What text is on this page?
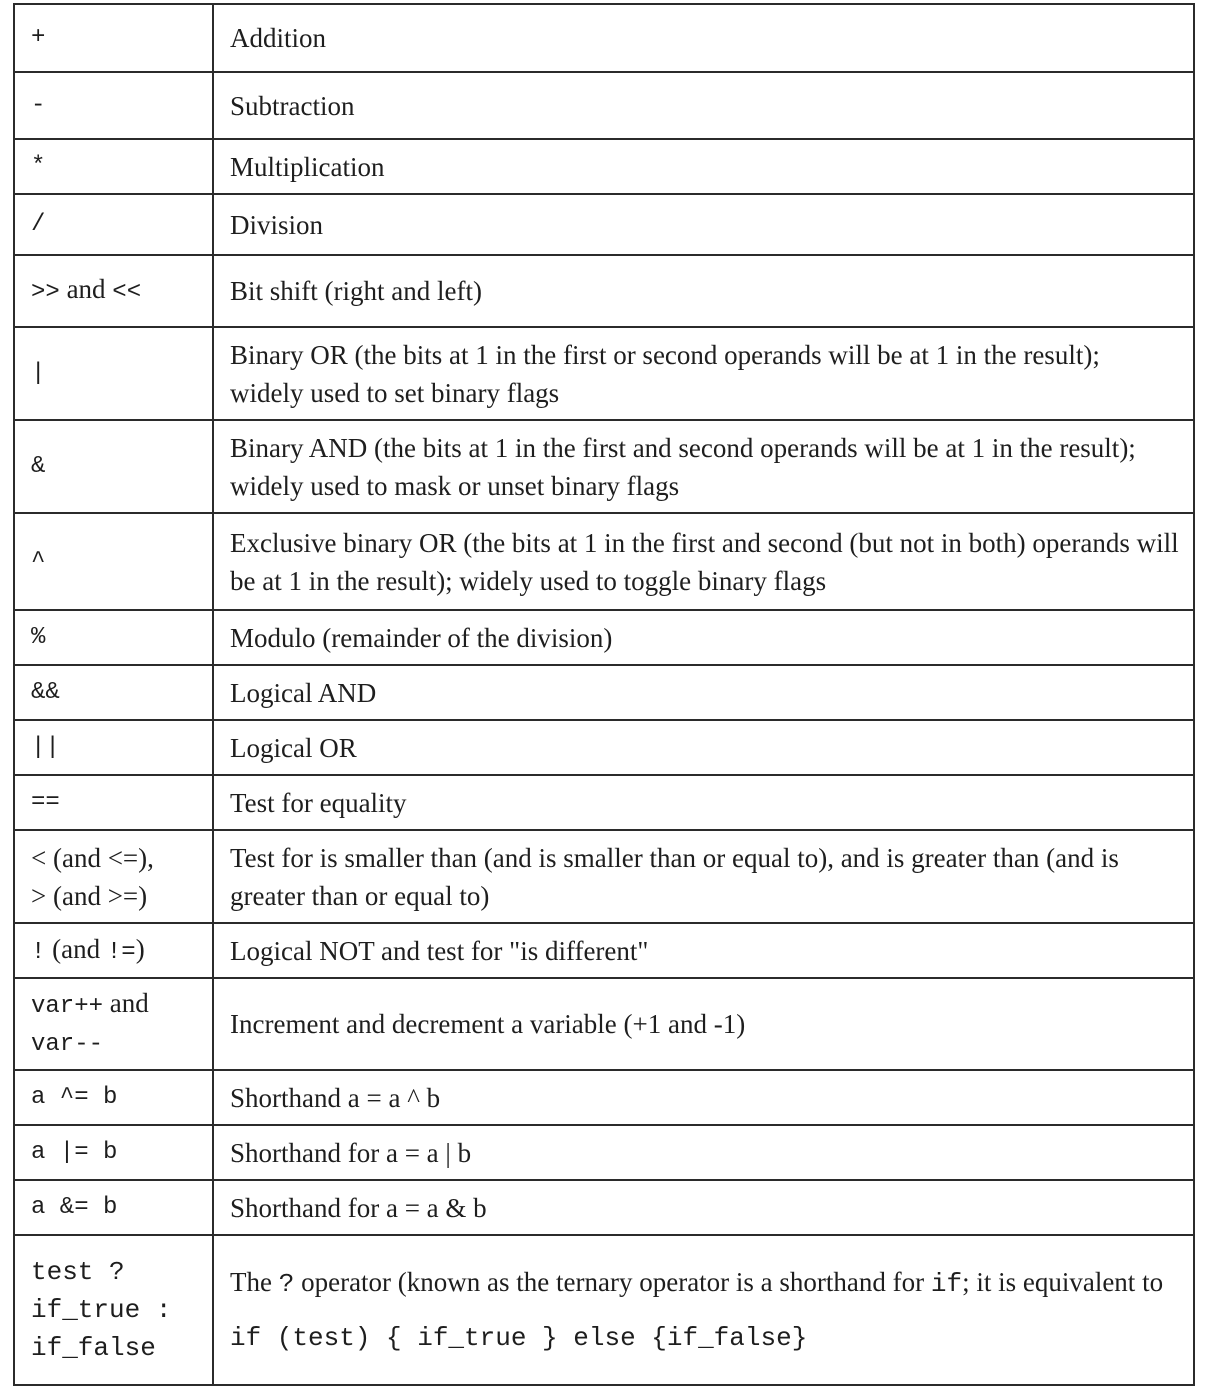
+	Addition
-	Subtraction
*	Multiplication
/	Division
>> and <<	Bit shift (right and left)
|	Binary OR (the bits at 1 in the first or second operands will be at 1 in the result); widely used to set binary flags
&	Binary AND (the bits at 1 in the first and second operands will be at 1 in the result); widely used to mask or unset binary flags
^	Exclusive binary OR (the bits at 1 in the first and second (but not in both) operands will be at 1 in the result); widely used to toggle binary flags
%	Modulo (remainder of the division)
&&	Logical AND
||	Logical OR
==	Test for equality

< (and <=),
> (and >=)	Test for is smaller than (and is smaller than or equal to), and is greater than (and is greater than or equal to)
! (and !=)	Logical NOT and test for "is different"

var++ and
var--	Increment and decrement a variable (+1 and -1)
a ^= b	Shorthand a = a ^ b
a |= b	Shorthand for a = a | b
a &= b	Shorthand for a = a & b

test ?
if_true :
if_false	The ? operator (known as the ternary operator is a shorthand for if; it is equivalent to
if (test) { if_true } else {if_false}
